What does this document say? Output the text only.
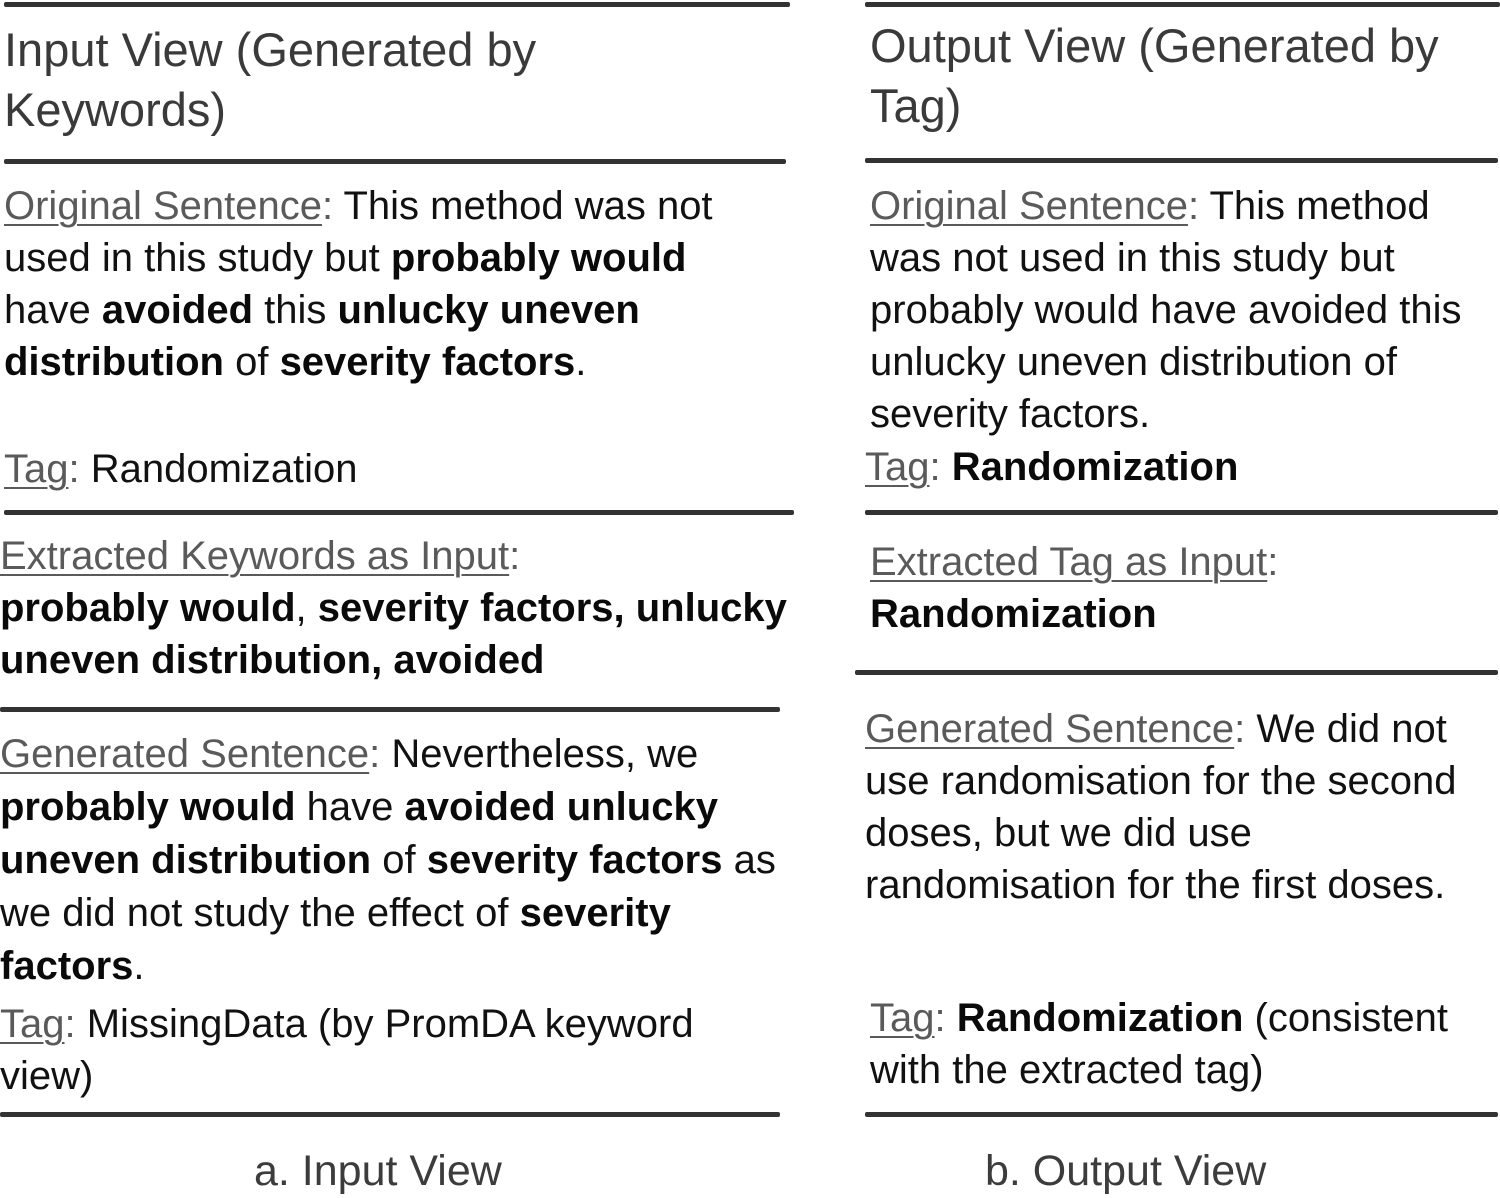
Input View (Generated by Keywords)
Original Sentence: This method was not used in this study but probably would have avoided this unlucky uneven distribution of severity factors.
Tag: Randomization
Extracted Keywords as Input:
probably would, severity factors, unlucky uneven distribution, avoided
Generated Sentence: Nevertheless, we probably would have avoided unlucky uneven distribution of severity factors as we did not study the effect of severity factors.
Tag: MissingData (by PromDA keyword view)
a. Input View
Output View (Generated by Tag)
Original Sentence: This method was not used in this study but probably would have avoided this unlucky uneven distribution of severity factors.
Tag: Randomization
Extracted Tag as Input:
Randomization
Generated Sentence: We did not use randomisation for the second doses, but we did use randomisation for the first doses.
Tag: Randomization (consistent with the extracted tag)
b. Output View
